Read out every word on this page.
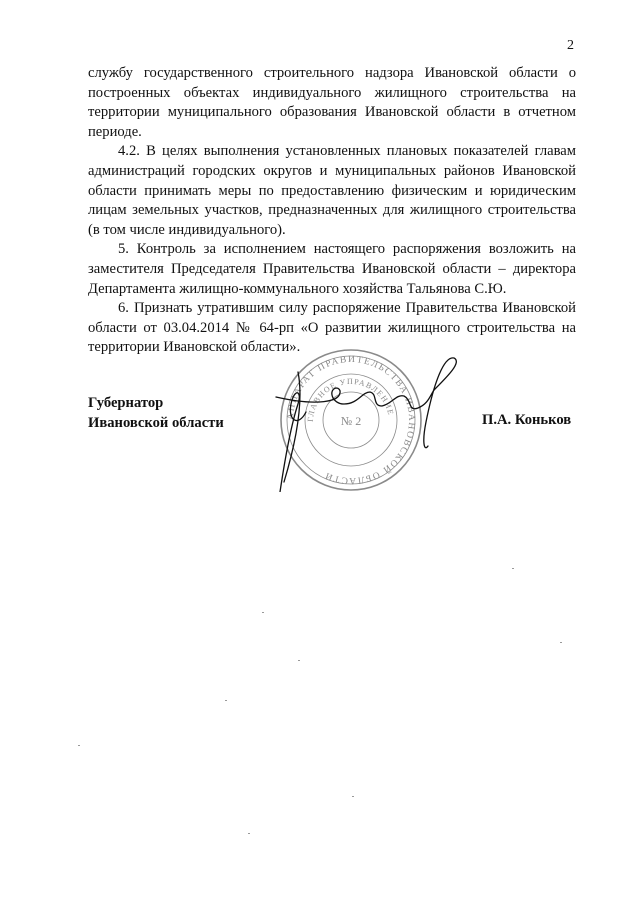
2

службу государственного строительного надзора Ивановской области о построенных объектах индивидуального жилищного строительства на территории муниципального образования Ивановской области в отчетном периоде.

4.2. В целях выполнения установленных плановых показателей главам администраций городских округов и муниципальных районов Ивановской области принимать меры по предоставлению физическим и юридическим лицам земельных участков, предназначенных для жилищного строительства (в том числе индивидуального).

5. Контроль за исполнением настоящего распоряжения возложить на заместителя Председателя Правительства Ивановской области – директора Департамента жилищно-коммунального хозяйства Тальянова С.Ю.

6. Признать утратившим силу распоряжение Правительства Ивановской области от 03.04.2014 № 64-рп «О развитии жилищного строительства на территории Ивановской области».

Губернатор
Ивановской области	АППАРАТ ПРАВИТЕЛЬСТВА ИВАНОВСКОЙ ОБЛАСТИ
ГЛАВНОЕ УПРАВЛЕНИЕ
№ 2	П.А. Коньков
